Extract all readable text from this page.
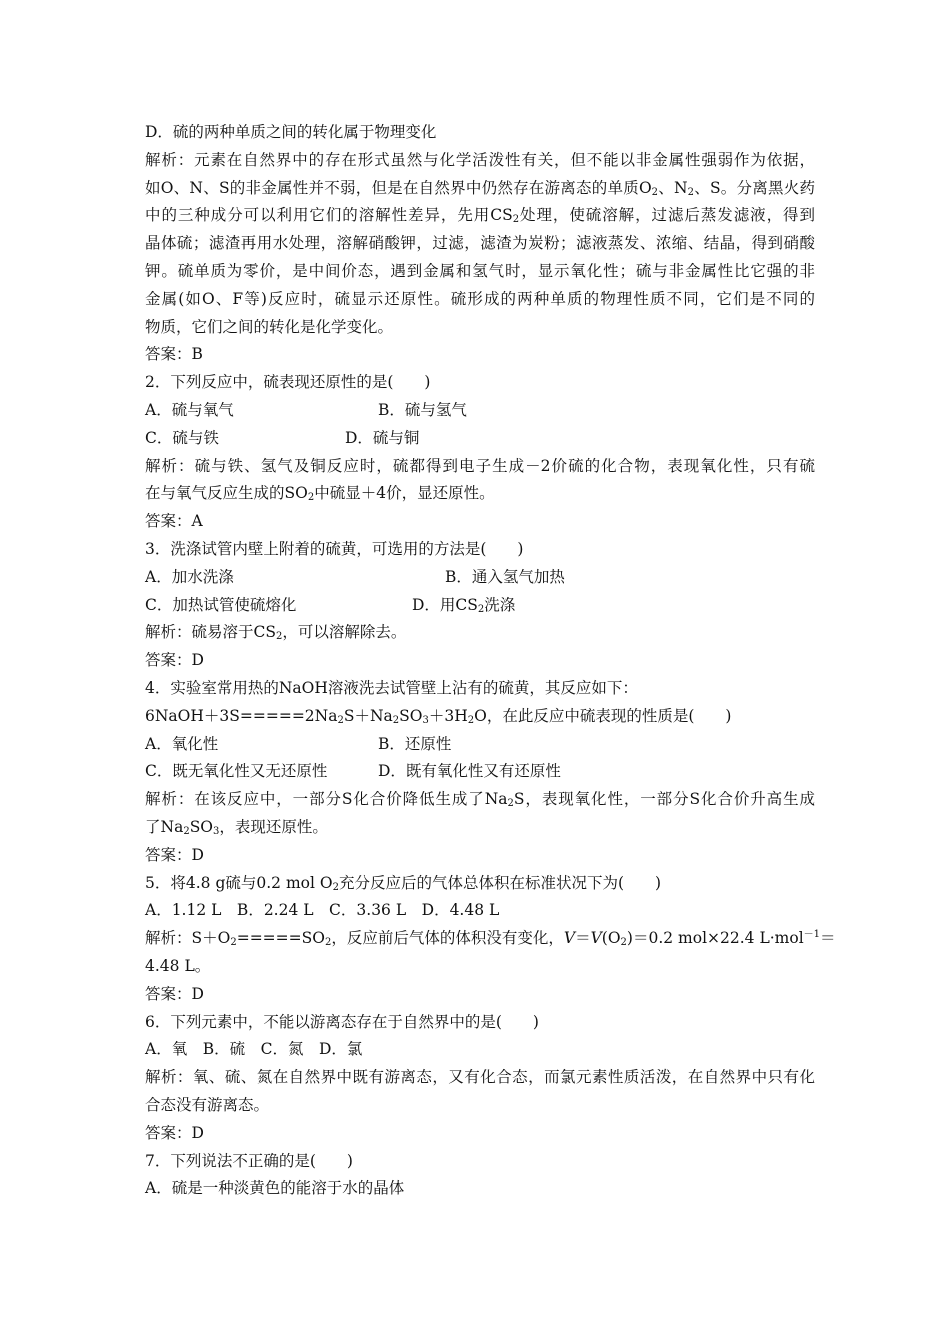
D．硫的两种单质之间的转化属于物理变化
解析：元素在自然界中的存在形式虽然与化学活泼性有关，但不能以非金属性强弱作为依据，
如O、N、S的非金属性并不弱，但是在自然界中仍然存在游离态的单质$O_2$、$N_2$、S。分离黑火药
中的三种成分可以利用它们的溶解性差异，先用$CS_2$处理，使硫溶解，过滤后蒸发滤液，得到
晶体硫；滤渣再用水处理，溶解硝酸钾，过滤，滤渣为炭粉；滤液蒸发、浓缩、结晶，得到硝酸
钾。硫单质为零价，是中间价态，遇到金属和氢气时，显示氧化性；硫与非金属性比它强的非
金属(如O、F等)反应时，硫显示还原性。硫形成的两种单质的物理性质不同，它们是不同的
物质，它们之间的转化是化学变化。
答案：B
2．下列反应中，硫表现还原性的是(　　)
A．硫与氧气	B．硫与氢气
C．硫与铁	D．硫与铜
解析：硫与铁、氢气及铜反应时，硫都得到电子生成－2价硫的化合物，表现氧化性，只有硫
在与氧气反应生成的$SO_2$中硫显＋4价，显还原性。
答案：A
3．洗涤试管内壁上附着的硫黄，可选用的方法是(　　)
A．加水洗涤	B．通入氢气加热
C．加热试管使硫熔化	D．用$CS_2$洗涤
解析：硫易溶于$CS_2$，可以溶解除去。
答案：D
4．实验室常用热的NaOH溶液洗去试管壁上沾有的硫黄，其反应如下：
$6NaOH+3S=====2Na_2S+Na_2SO_3+3H_2O$，在此反应中硫表现的性质是(　　)
A．氧化性	B．还原性
C．既无氧化性又无还原性	D．既有氧化性又有还原性
解析：在该反应中，一部分S化合价降低生成了$Na_2S$，表现氧化性，一部分S化合价升高生成
了$Na_2SO_3$，表现还原性。
答案：D
5．将4.8 g硫与0.2 mol $O_2$充分反应后的气体总体积在标准状况下为(　　)
A．1.12 L　B．2.24 L　C．3.36 L　D．4.48 L
解析：$S+O_2=====SO_2$，反应前后气体的体积没有变化，$V=V(O_2)=0.2$ mol×22.4 L·mol$^{-1}$＝
4.48 L。
答案：D
6．下列元素中，不能以游离态存在于自然界中的是(　　)
A．氧　B．硫　C．氮　D．氯
解析：氧、硫、氮在自然界中既有游离态，又有化合态，而氯元素性质活泼，在自然界中只有化
合态没有游离态。
答案：D
7．下列说法不正确的是(　　)
A．硫是一种淡黄色的能溶于水的晶体
